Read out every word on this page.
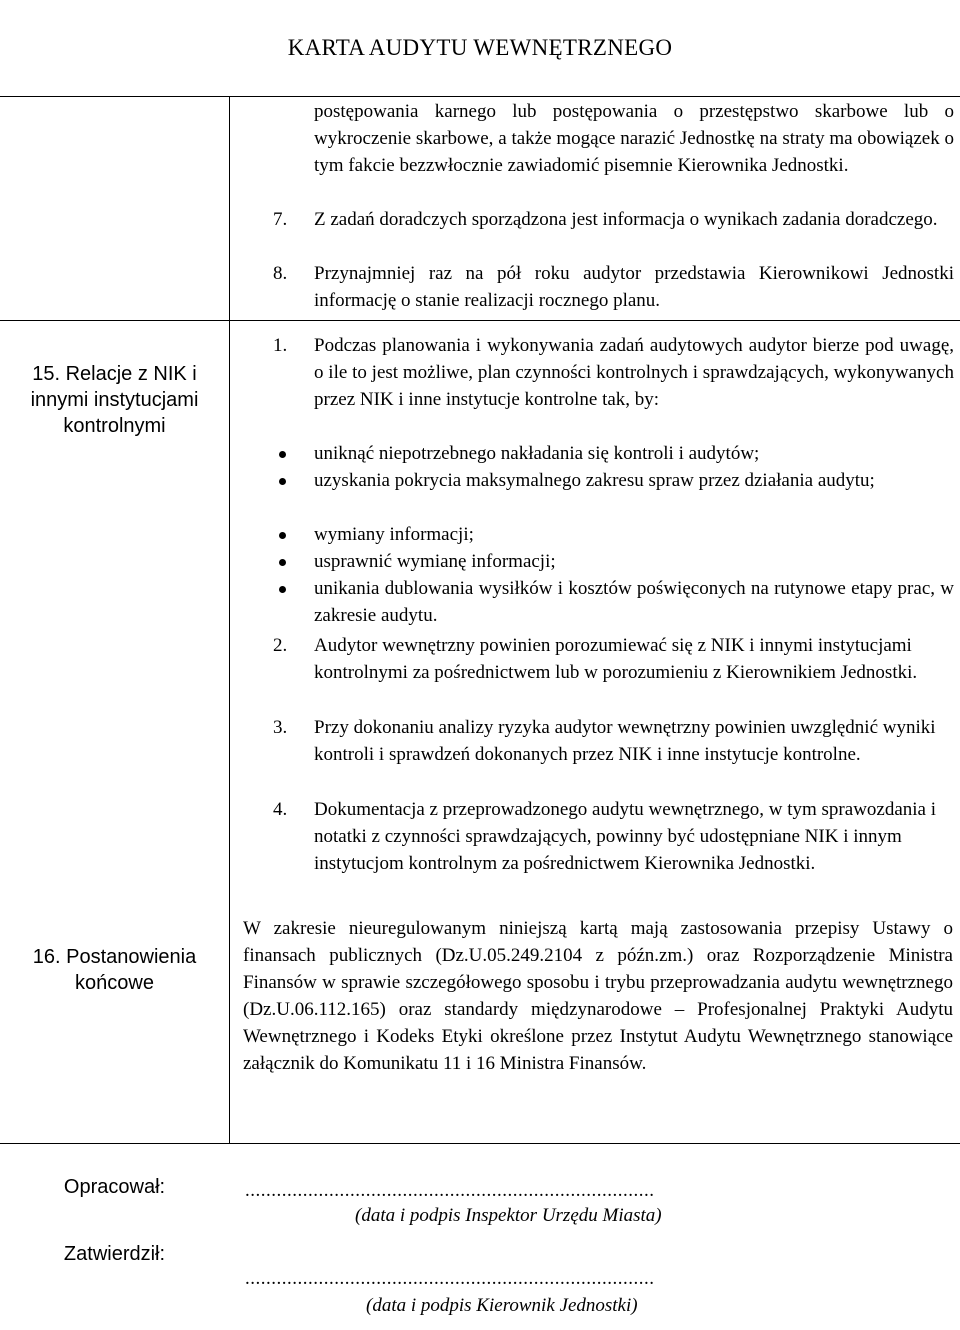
KARTA AUDYTU WEWNĘTRZNEGO
postępowania karnego lub postępowania o przestępstwo skarbowe lub o wykroczenie skarbowe, a także mogące narazić Jednostkę na straty ma obowiązek o tym fakcie bezzwłocznie zawiadomić pisemnie Kierownika Jednostki.
7. Z zadań doradczych sporządzona jest informacja o wynikach zadania doradczego.
8. Przynajmniej raz na pół roku audytor przedstawia Kierownikowi Jednostki informację o stanie realizacji rocznego planu.
15. Relacje z NIK i
innymi instytucjami
kontrolnymi
1. Podczas planowania i wykonywania zadań audytowych audytor bierze pod uwagę, o ile to jest możliwe, plan czynności kontrolnych i sprawdzających, wykonywanych przez NIK i inne instytucje kontrolne tak, by:
uniknąć niepotrzebnego nakładania się kontroli i audytów;
uzyskania pokrycia maksymalnego zakresu spraw przez działania audytu;
wymiany informacji;
usprawnić wymianę informacji;
unikania dublowania wysiłków i kosztów poświęconych na rutynowe etapy prac, w zakresie audytu.
2. Audytor wewnętrzny powinien porozumiewać się z NIK i innymi instytucjami kontrolnymi za pośrednictwem lub w porozumieniu z Kierownikiem Jednostki.
3. Przy dokonaniu analizy ryzyka audytor wewnętrzny powinien uwzględnić wyniki kontroli i sprawdzeń dokonanych przez NIK i inne instytucje kontrolne.
4. Dokumentacja z przeprowadzonego audytu wewnętrznego, w tym sprawozdania i notatki z czynności sprawdzających, powinny być udostępniane NIK i innym instytucjom kontrolnym za pośrednictwem Kierownika Jednostki.
16. Postanowienia
końcowe
W zakresie nieuregulowanym niniejszą kartą mają zastosowania przepisy Ustawy o finansach publicznych (Dz.U.05.249.2104 z późn.zm.) oraz Rozporządzenie Ministra Finansów w sprawie szczegółowego sposobu i trybu przeprowadzania audytu wewnętrznego (Dz.U.06.112.165) oraz standardy międzynarodowe – Profesjonalnej Praktyki Audytu Wewnętrznego i Kodeks Etyki określone przez Instytut Audytu Wewnętrznego stanowiące załącznik do Komunikatu 11 i 16 Ministra Finansów.
Opracował:
Zatwierdził:
..............................................................................
(data i podpis Inspektor Urzędu Miasta)
..............................................................................
(data i podpis Kierownik Jednostki)
